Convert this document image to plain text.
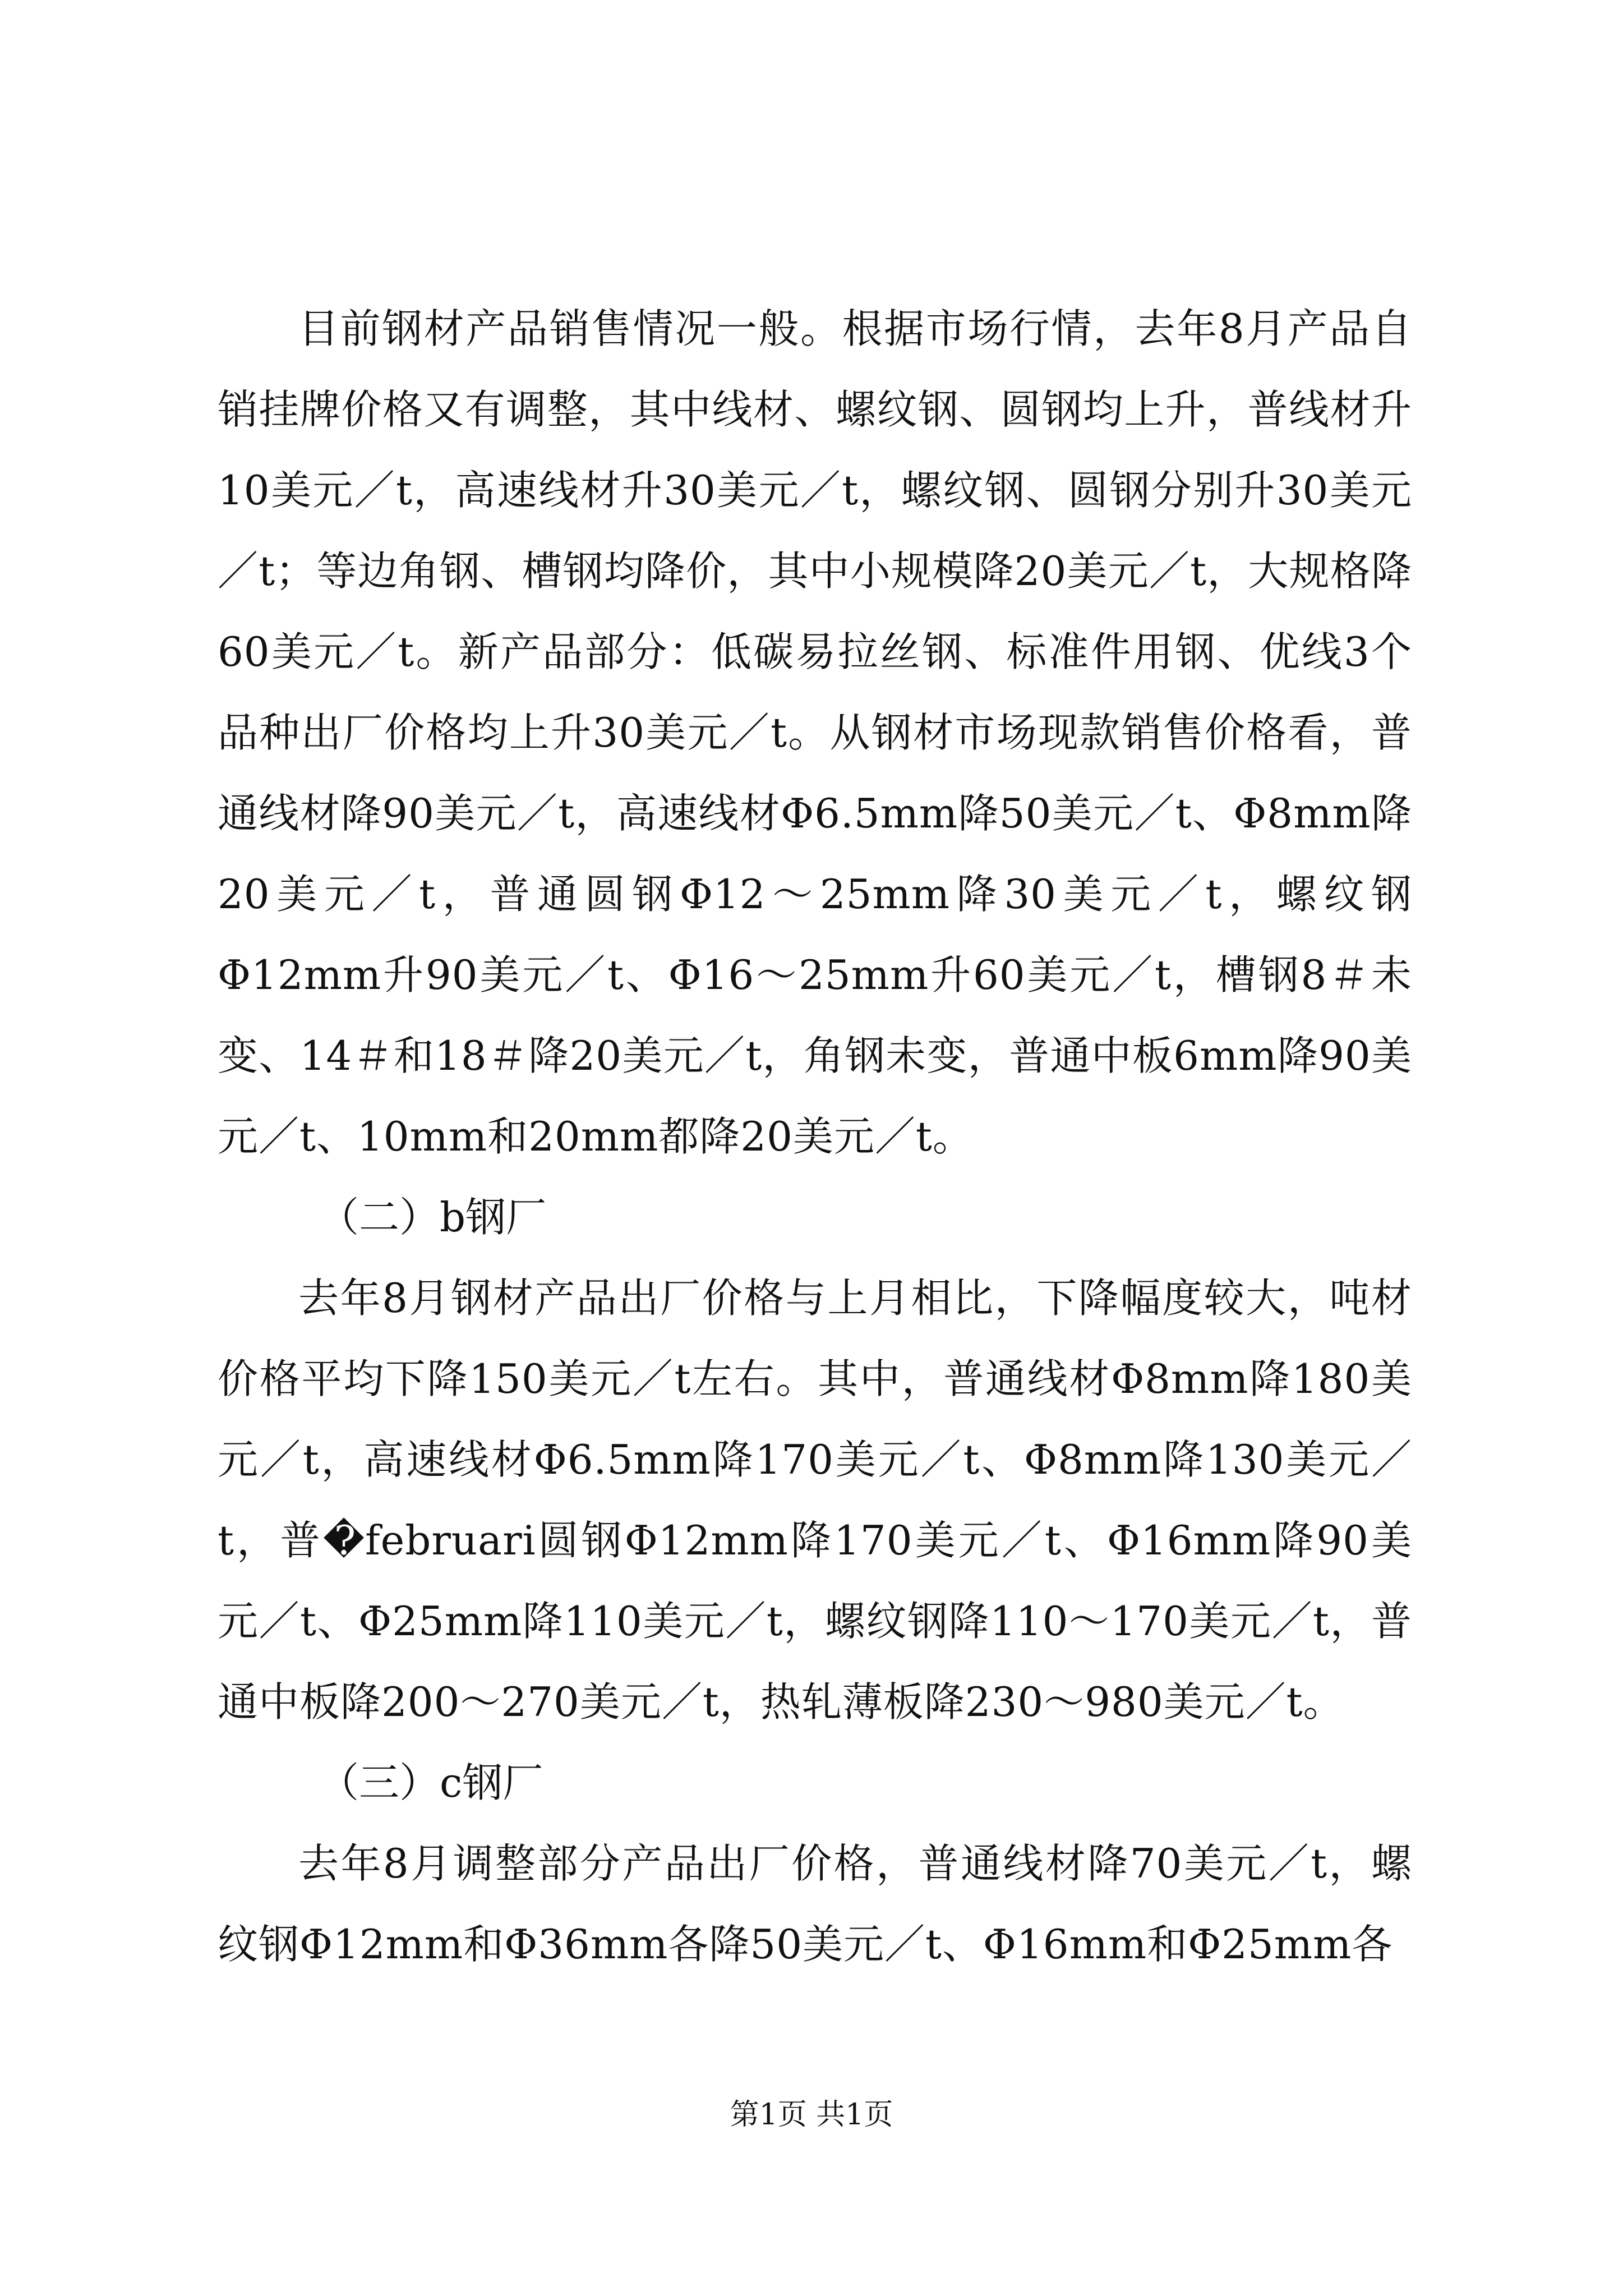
目前钢材产品销售情况一般。根据市场行情，去年8月产品自销挂牌价格又有调整，其中线材、螺纹钢、圆钢均上升，普线材升10美元／t，高速线材升30美元／t，螺纹钢、圆钢分别升30美元／t；等边角钢、槽钢均降价，其中小规模降20美元／t，大规格降60美元／t。新产品部分：低碳易拉丝钢、标准件用钢、优线3个品种出厂价格均上升30美元／t。从钢材市场现款销售价格看，普通线材降90美元／t，高速线材Φ6.5mm降50美元／t、Φ8mm降20美元／t，普通圆钢Φ12～25mm降30美元／t，螺纹钢Φ12mm升90美元／t、Φ16～25mm升60美元／t，槽钢8＃未变、14＃和18＃降20美元／t，角钢未变，普通中板6mm降90美元／t、10mm和20mm都降20美元／t。

（二）b钢厂

去年8月钢材产品出厂价格与上月相比，下降幅度较大，吨材价格平均下降150美元／t左右。其中，普通线材Φ8mm降180美元／t，高速线材Φ6.5mm降170美元／t、Φ8mm降130美元／t，普�februari圆钢Φ12mm降170美元／t、Φ16mm降90美元／t、Φ25mm降110美元／t，螺纹钢降110～170美元／t，普通中板降200～270美元／t，热轧薄板降230～980美元／t。

（三）c钢厂

去年8月调整部分产品出厂价格，普通线材降70美元／t，螺纹钢Φ12mm和Φ36mm各降50美元／t、Φ16mm和Φ25mm各

第1页 共1页
